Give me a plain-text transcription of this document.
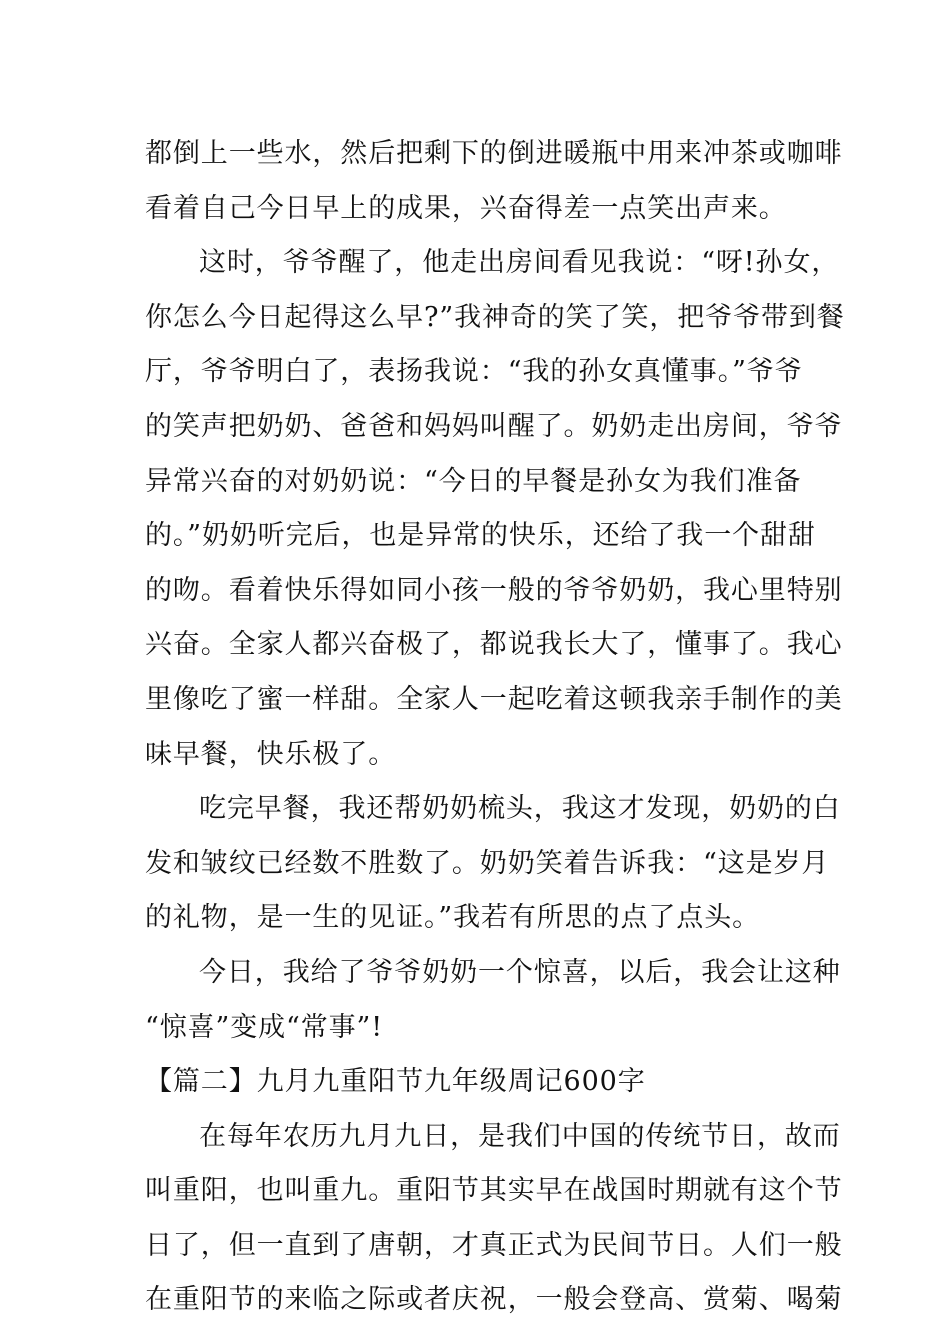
都倒上一些水，然后把剩下的倒进暖瓶中用来冲茶或咖啡
看着自己今日早上的成果，兴奋得差一点笑出声来。
这时，爷爷醒了，他走出房间看见我说：“呀!孙女，
你怎么今日起得这么早?”我神奇的笑了笑，把爷爷带到餐
厅，爷爷明白了，表扬我说：“我的孙女真懂事。”爷爷
的笑声把奶奶、爸爸和妈妈叫醒了。奶奶走出房间，爷爷
异常兴奋的对奶奶说：“今日的早餐是孙女为我们准备
的。”奶奶听完后，也是异常的快乐，还给了我一个甜甜
的吻。看着快乐得如同小孩一般的爷爷奶奶，我心里特别
兴奋。全家人都兴奋极了，都说我长大了，懂事了。我心
里像吃了蜜一样甜。全家人一起吃着这顿我亲手制作的美
味早餐，快乐极了。
吃完早餐，我还帮奶奶梳头，我这才发现，奶奶的白
发和皱纹已经数不胜数了。奶奶笑着告诉我：“这是岁月
的礼物，是一生的见证。”我若有所思的点了点头。
今日，我给了爷爷奶奶一个惊喜，以后，我会让这种
“惊喜”变成“常事”!
【篇二】九月九重阳节九年级周记600字
在每年农历九月九日，是我们中国的传统节日，故而
叫重阳，也叫重九。重阳节其实早在战国时期就有这个节
日了，但一直到了唐朝，才真正式为民间节日。人们一般
在重阳节的来临之际或者庆祝，一般会登高、赏菊、喝菊
